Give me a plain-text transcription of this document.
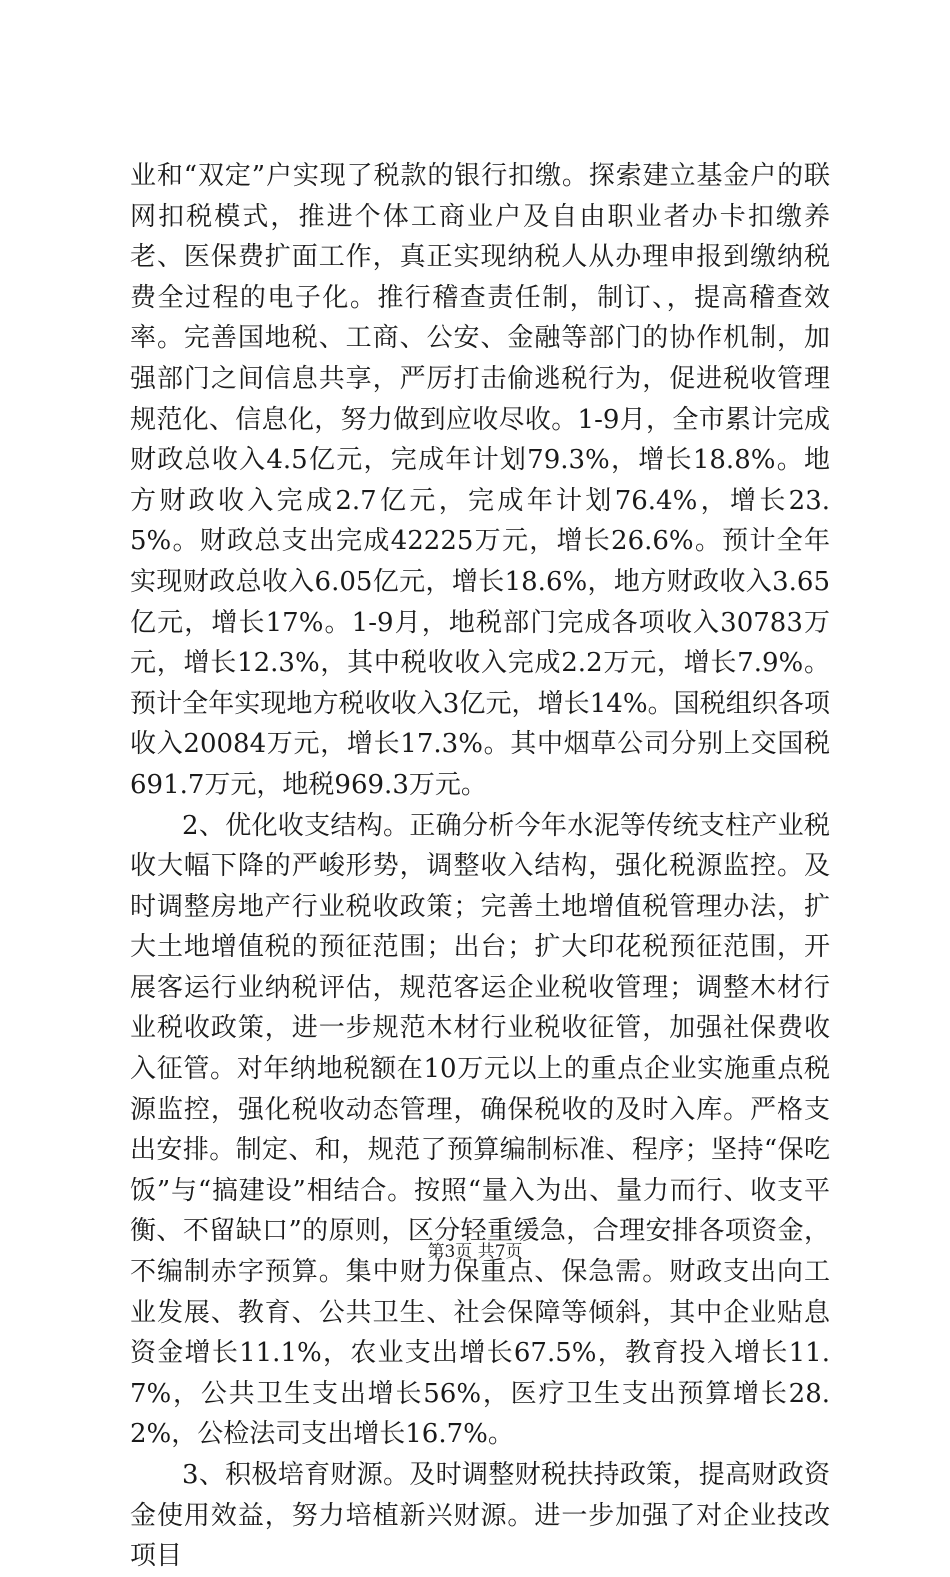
业和“双定”户实现了税款的银行扣缴。探索建立基金户的联网扣税模式，推进个体工商业户及自由职业者办卡扣缴养老、医保费扩面工作，真正实现纳税人从办理申报到缴纳税费全过程的电子化。推行稽查责任制，制订、，提高稽查效率。完善国地税、工商、公安、金融等部门的协作机制，加强部门之间信息共享，严厉打击偷逃税行为，促进税收管理规范化、信息化，努力做到应收尽收。1-9月，全市累计完成财政总收入4.5亿元，完成年计划79.3%，增长18.8%。地方财政收入完成2.7亿元，完成年计划76.4%，增长23.5%。财政总支出完成42225万元，增长26.6%。预计全年实现财政总收入6.05亿元，增长18.6%，地方财政收入3.65亿元，增长17%。1-9月，地税部门完成各项收入30783万元，增长12.3%，其中税收收入完成2.2万元，增长7.9%。预计全年实现地方税收收入3亿元，增长14%。国税组织各项收入20084万元，增长17.3%。其中烟草公司分别上交国税691.7万元，地税969.3万元。

2、优化收支结构。正确分析今年水泥等传统支柱产业税收大幅下降的严峻形势，调整收入结构，强化税源监控。及时调整房地产行业税收政策；完善土地增值税管理办法，扩大土地增值税的预征范围；出台；扩大印花税预征范围，开展客运行业纳税评估，规范客运企业税收管理；调整木材行业税收政策，进一步规范木材行业税收征管，加强社保费收入征管。对年纳地税额在10万元以上的重点企业实施重点税源监控，强化税收动态管理，确保税收的及时入库。严格支出安排。制定、和，规范了预算编制标准、程序；坚持“保吃饭”与“搞建设”相结合。按照“量入为出、量力而行、收支平衡、不留缺口”的原则，区分轻重缓急，合理安排各项资金，不编制赤字预算。集中财力保重点、保急需。财政支出向工业发展、教育、公共卫生、社会保障等倾斜，其中企业贴息资金增长11.1%，农业支出增长67.5%，教育投入增长11.7%，公共卫生支出增长56%，医疗卫生支出预算增长28.2%，公检法司支出增长16.7%。

3、积极培育财源。及时调整财税扶持政策，提高财政资金使用效益，努力培植新兴财源。进一步加强了对企业技改项目

第3页 共7页
